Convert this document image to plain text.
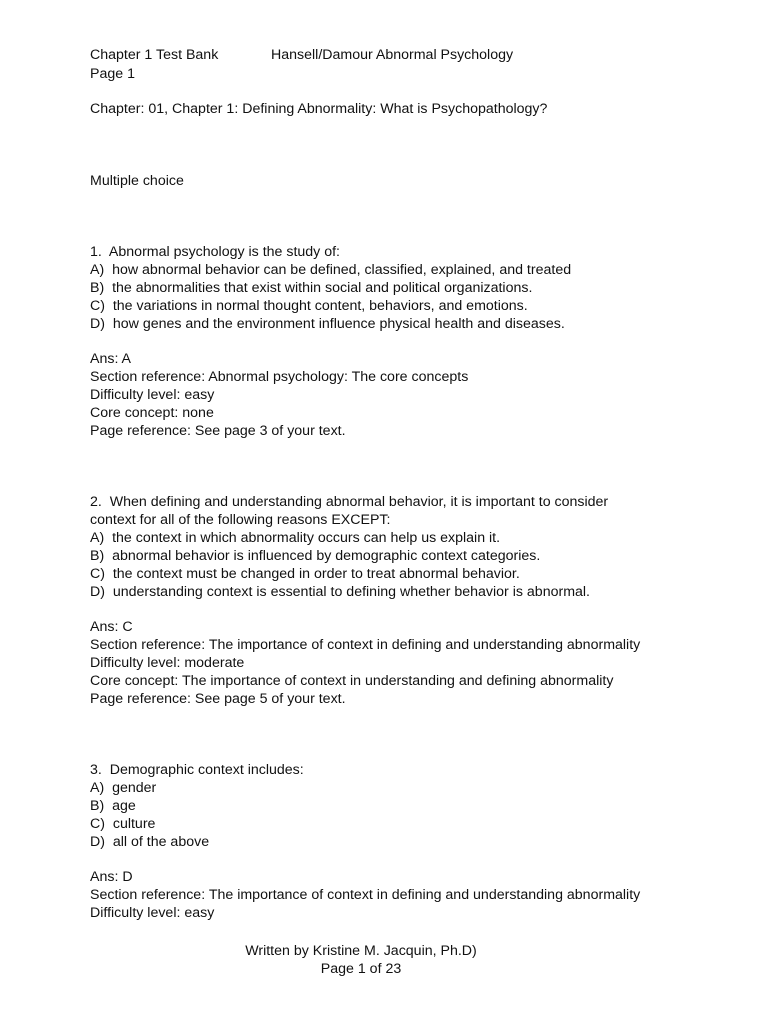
Chapter 1 Test Bank	Hansell/Damour Abnormal Psychology
Page 1
Chapter: 01, Chapter 1: Defining Abnormality: What is Psychopathology?
Multiple choice
1.  Abnormal psychology is the study of:
A)  how abnormal behavior can be defined, classified, explained, and treated
B)  the abnormalities that exist within social and political organizations.
C)  the variations in normal thought content, behaviors, and emotions.
D)  how genes and the environment influence physical health and diseases.
Ans: A
Section reference: Abnormal psychology: The core concepts
Difficulty level: easy
Core concept: none
Page reference: See page 3 of your text.
2.  When defining and understanding abnormal behavior, it is important to consider
context for all of the following reasons EXCEPT:
A)  the context in which abnormality occurs can help us explain it.
B)  abnormal behavior is influenced by demographic context categories.
C)  the context must be changed in order to treat abnormal behavior.
D)  understanding context is essential to defining whether behavior is abnormal.
Ans: C
Section reference: The importance of context in defining and understanding abnormality
Difficulty level: moderate
Core concept: The importance of context in understanding and defining abnormality
Page reference: See page 5 of your text.
3.  Demographic context includes:
A)  gender
B)  age
C)  culture
D)  all of the above
Ans: D
Section reference: The importance of context in defining and understanding abnormality
Difficulty level: easy
Written by Kristine M. Jacquin, Ph.D)
Page 1 of 23
